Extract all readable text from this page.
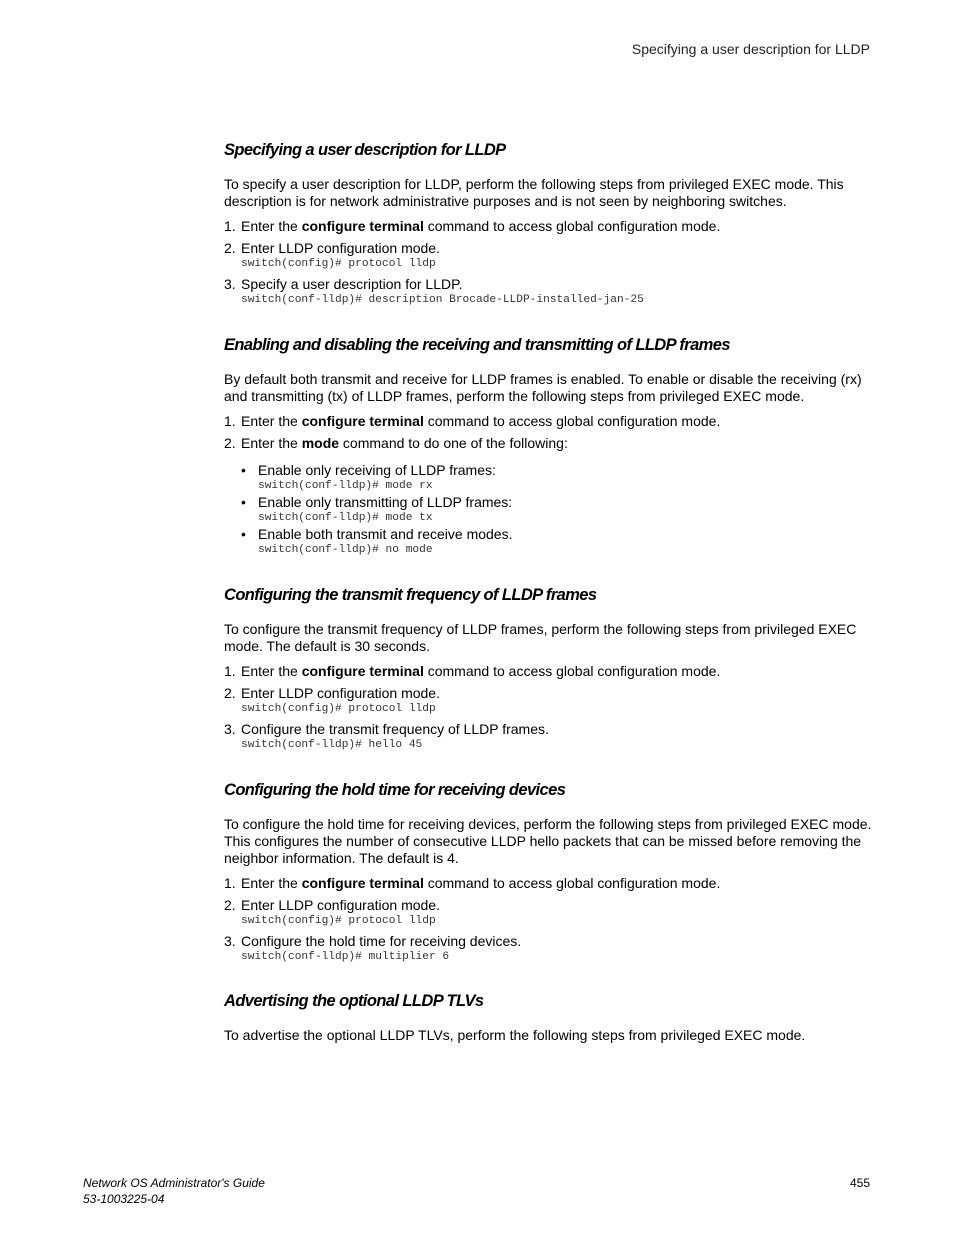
Specifying a user description for LLDP
Specifying a user description for LLDP

To specify a user description for LLDP, perform the following steps from privileged EXEC mode. This description is for network administrative purposes and is not seen by neighboring switches.

1. Enter the configure terminal command to access global configuration mode.
2. Enter LLDP configuration mode.
switch(config)# protocol lldp
3. Specify a user description for LLDP.
switch(conf-lldp)# description Brocade-LLDP-installed-jan-25
Enabling and disabling the receiving and transmitting of LLDP frames

By default both transmit and receive for LLDP frames is enabled. To enable or disable the receiving (rx) and transmitting (tx) of LLDP frames, perform the following steps from privileged EXEC mode.

1. Enter the configure terminal command to access global configuration mode.
2. Enter the mode command to do one of the following:
• Enable only receiving of LLDP frames:
switch(conf-lldp)# mode rx
• Enable only transmitting of LLDP frames:
switch(conf-lldp)# mode tx
• Enable both transmit and receive modes.
switch(conf-lldp)# no mode
Configuring the transmit frequency of LLDP frames

To configure the transmit frequency of LLDP frames, perform the following steps from privileged EXEC mode. The default is 30 seconds.

1. Enter the configure terminal command to access global configuration mode.
2. Enter LLDP configuration mode.
switch(config)# protocol lldp
3. Configure the transmit frequency of LLDP frames.
switch(conf-lldp)# hello 45
Configuring the hold time for receiving devices

To configure the hold time for receiving devices, perform the following steps from privileged EXEC mode. This configures the number of consecutive LLDP hello packets that can be missed before removing the neighbor information. The default is 4.

1. Enter the configure terminal command to access global configuration mode.
2. Enter LLDP configuration mode.
switch(config)# protocol lldp
3. Configure the hold time for receiving devices.
switch(conf-lldp)# multiplier 6
Advertising the optional LLDP TLVs

To advertise the optional LLDP TLVs, perform the following steps from privileged EXEC mode.

Network OS Administrator's Guide
53-1003225-04
455
